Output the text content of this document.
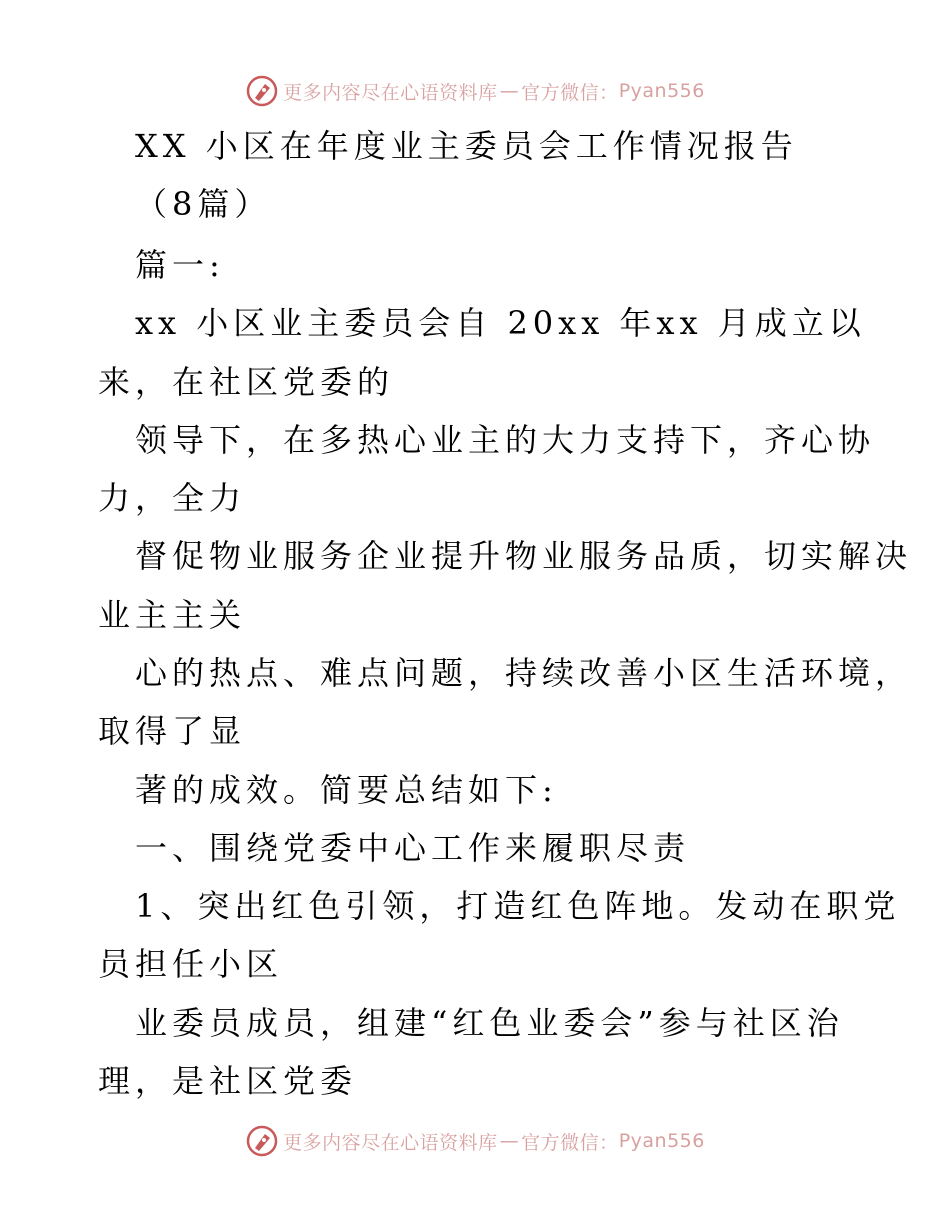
更多内容尽在心语资料库 — 官方微信： Pyan556
XX 小区在年度业主委员会工作情况报告
（8篇）
篇一:
xx 小区业主委员会自 20xx 年xx 月成立以
来，在社区党委的
领导下，在多热心业主的大力支持下，齐心协
力，全力
督促物业服务企业提升物业服务品质，切实解决
业主主关
心的热点、难点问题，持续改善小区生活环境，
取得了显
著的成效。简要总结如下:
一、围绕党委中心工作来履职尽责
1、突出红色引领，打造红色阵地。发动在职党
员担任小区
业委员成员，组建“红色业委会”参与社区治
理，是社区党委
更多内容尽在心语资料库 — 官方微信： Pyan556
